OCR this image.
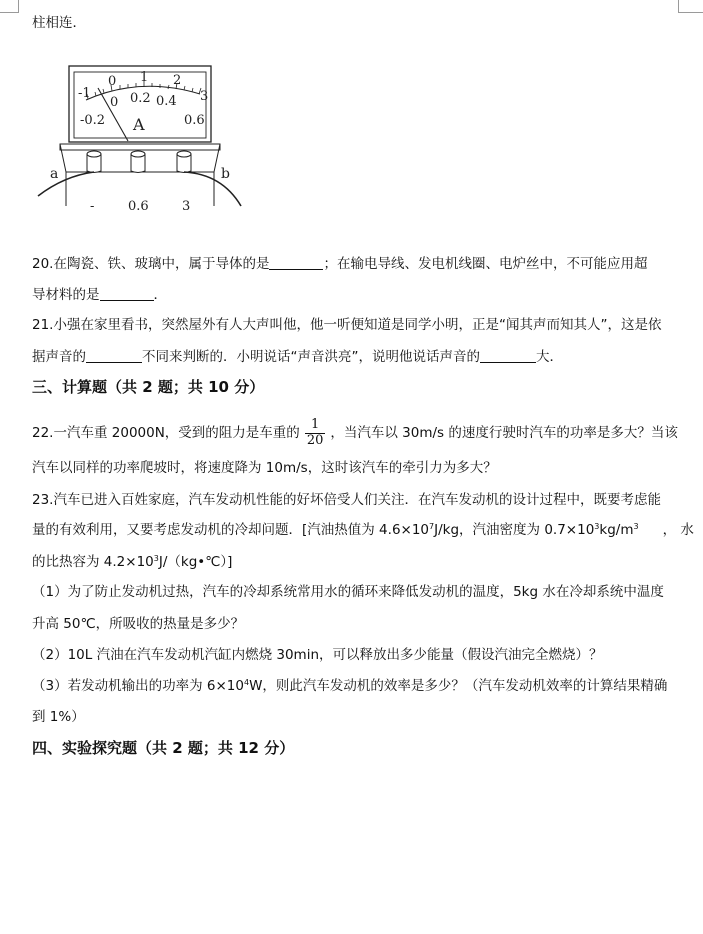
柱相连．
-1
0 1 2
3
-0.2
0 0.2 0.4
0.6
A
-	0.6	3
a	b
20.在陶瓷、铁、玻璃中，属于导体的是	；在输电导线、发电机线圈、电炉丝中，不可能应用超
导材料的是	．
21.小强在家里看书，突然屋外有人大声叫他，他一听便知道是同学小明，正是“闻其声而知其人”，这是依
据声音的	不同来判断的．小明说话“声音洪亮”，说明他说话声音的	大．
三、计算题（共 2 题；共 10 分）
22.一汽车重 20000N，受到的阻力是车重的 $\frac{1}{20}$ ，当汽车以 30m/s 的速度行驶时汽车的功率是多大？当该
汽车以同样的功率爬坡时，将速度降为 10m/s，这时该汽车的牵引力为多大？
23.汽车已进入百姓家庭，汽车发动机性能的好坏倍受人们关注．在汽车发动机的设计过程中，既要考虑能
量的有效利用，又要考虑发动机的冷却问题．[汽油热值为 $4.6\times 10^7J/kg$，汽油密度为 $0.7\times 10^3kg/m^3$ ， 水
的比热容为 $4.2\times 10^3J/(kg•℃)$]
（1）为了防止发动机过热，汽车的冷却系统常用水的循环来降低发动机的温度，5kg 水在冷却系统中温度
升高 50℃，所吸收的热量是多少？
（2）10L 汽油在汽车发动机汽缸内燃烧 30min，可以释放出多少能量（假设汽油完全燃烧）？
（3）若发动机输出的功率为 $6\times 10^4W$，则此汽车发动机的效率是多少？（汽车发动机效率的计算结果精确
到 1%）
四、实验探究题（共 2 题；共 12 分）
